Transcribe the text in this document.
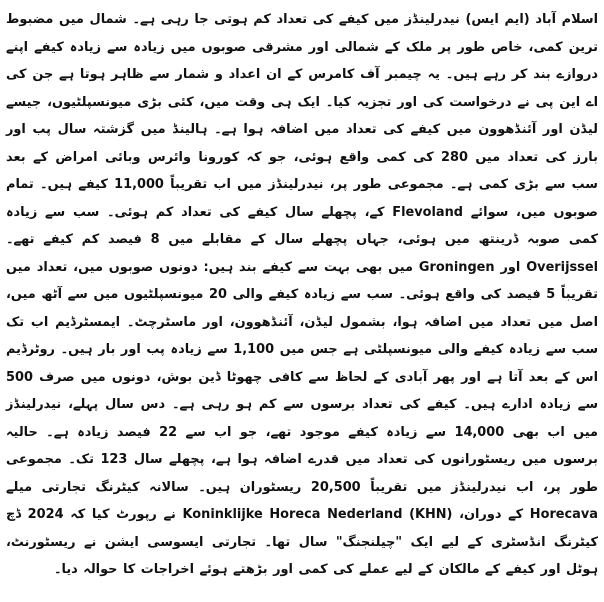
اسلام آباد (ایم ایس) نیدرلینڈز میں کیفے کی تعداد کم ہوتی جا رہی ہے۔ شمال میں مضبوط ترین کمی، خاص طور پر ملک کے شمالی اور مشرقی صوبوں میں زیادہ سے زیادہ کیفے اپنے دروازے بند کر رہے ہیں۔ یہ چیمبر آف کامرس کے ان اعداد و شمار سے ظاہر ہوتا ہے جن کی اے این پی نے درخواست کی اور تجزیہ کیا۔ ایک ہی وقت میں، کئی بڑی میونسپلٹیوں، جیسے لیڈن اور آئنڈھوون میں کیفے کی تعداد میں اضافہ ہوا ہے۔ ہالینڈ میں گزشتہ سال پب اور بارز کی تعداد میں 280 کی کمی واقع ہوئی، جو کہ کورونا وائرس وبائی امراض کے بعد سب سے بڑی کمی ہے۔ مجموعی طور پر، نیدرلینڈز میں اب تقریباً 11,000 کیفے ہیں۔ تمام صوبوں میں، سوائے Flevoland کے، پچھلے سال کیفے کی تعداد کم ہوئی۔ سب سے زیادہ کمی صوبہ ڈرینتھ میں ہوئی، جہاں پچھلے سال کے مقابلے میں 8 فیصد کم کیفے تھے۔ Overijssel اور Groningen میں بھی بہت سے کیفے بند ہیں: دونوں صوبوں میں، تعداد میں تقریباً 5 فیصد کی واقع ہوئی۔ سب سے زیادہ کیفے والی 20 میونسپلٹیوں میں سے آٹھ میں، اصل میں تعداد میں اضافہ ہوا، بشمول لیڈن، آئنڈھوون، اور ماسٹرچٹ۔ ایمسٹرڈیم اب تک سب سے زیادہ کیفے والی میونسپلٹی ہے جس میں 1,100 سے زیادہ پب اور بار ہیں۔ روٹرڈیم اس کے بعد آتا ہے اور پھر آبادی کے لحاظ سے کافی چھوٹا ڈین بوش، دونوں میں صرف 500 سے زیادہ ادارے ہیں۔ کیفے کی تعداد برسوں سے کم ہو رہی ہے۔ دس سال پہلے، نیدرلینڈز میں اب بھی 14,000 سے زیادہ کیفے موجود تھے، جو اب سے 22 فیصد زیادہ ہے۔ حالیہ برسوں میں ریسٹورانوں کی تعداد میں قدرے اضافہ ہوا ہے، پچھلے سال 123 تک۔ مجموعی طور پر، اب نیدرلینڈز میں تقریباً 20,500 ریسٹوران ہیں۔ سالانہ کیٹرنگ تجارتی میلے Horecava کے دوران، Koninklijke Horeca Nederland (KHN) نے رپورٹ کیا کہ 2024 ڈچ کیٹرنگ انڈسٹری کے لیے ایک "چیلنجنگ" سال تھا۔ تجارتی ایسوسی ایشن نے ریسٹورنٹ، ہوٹل اور کیفے کے مالکان کے لیے عملے کی کمی اور بڑھتے ہوئے اخراجات کا حوالہ دیا۔
